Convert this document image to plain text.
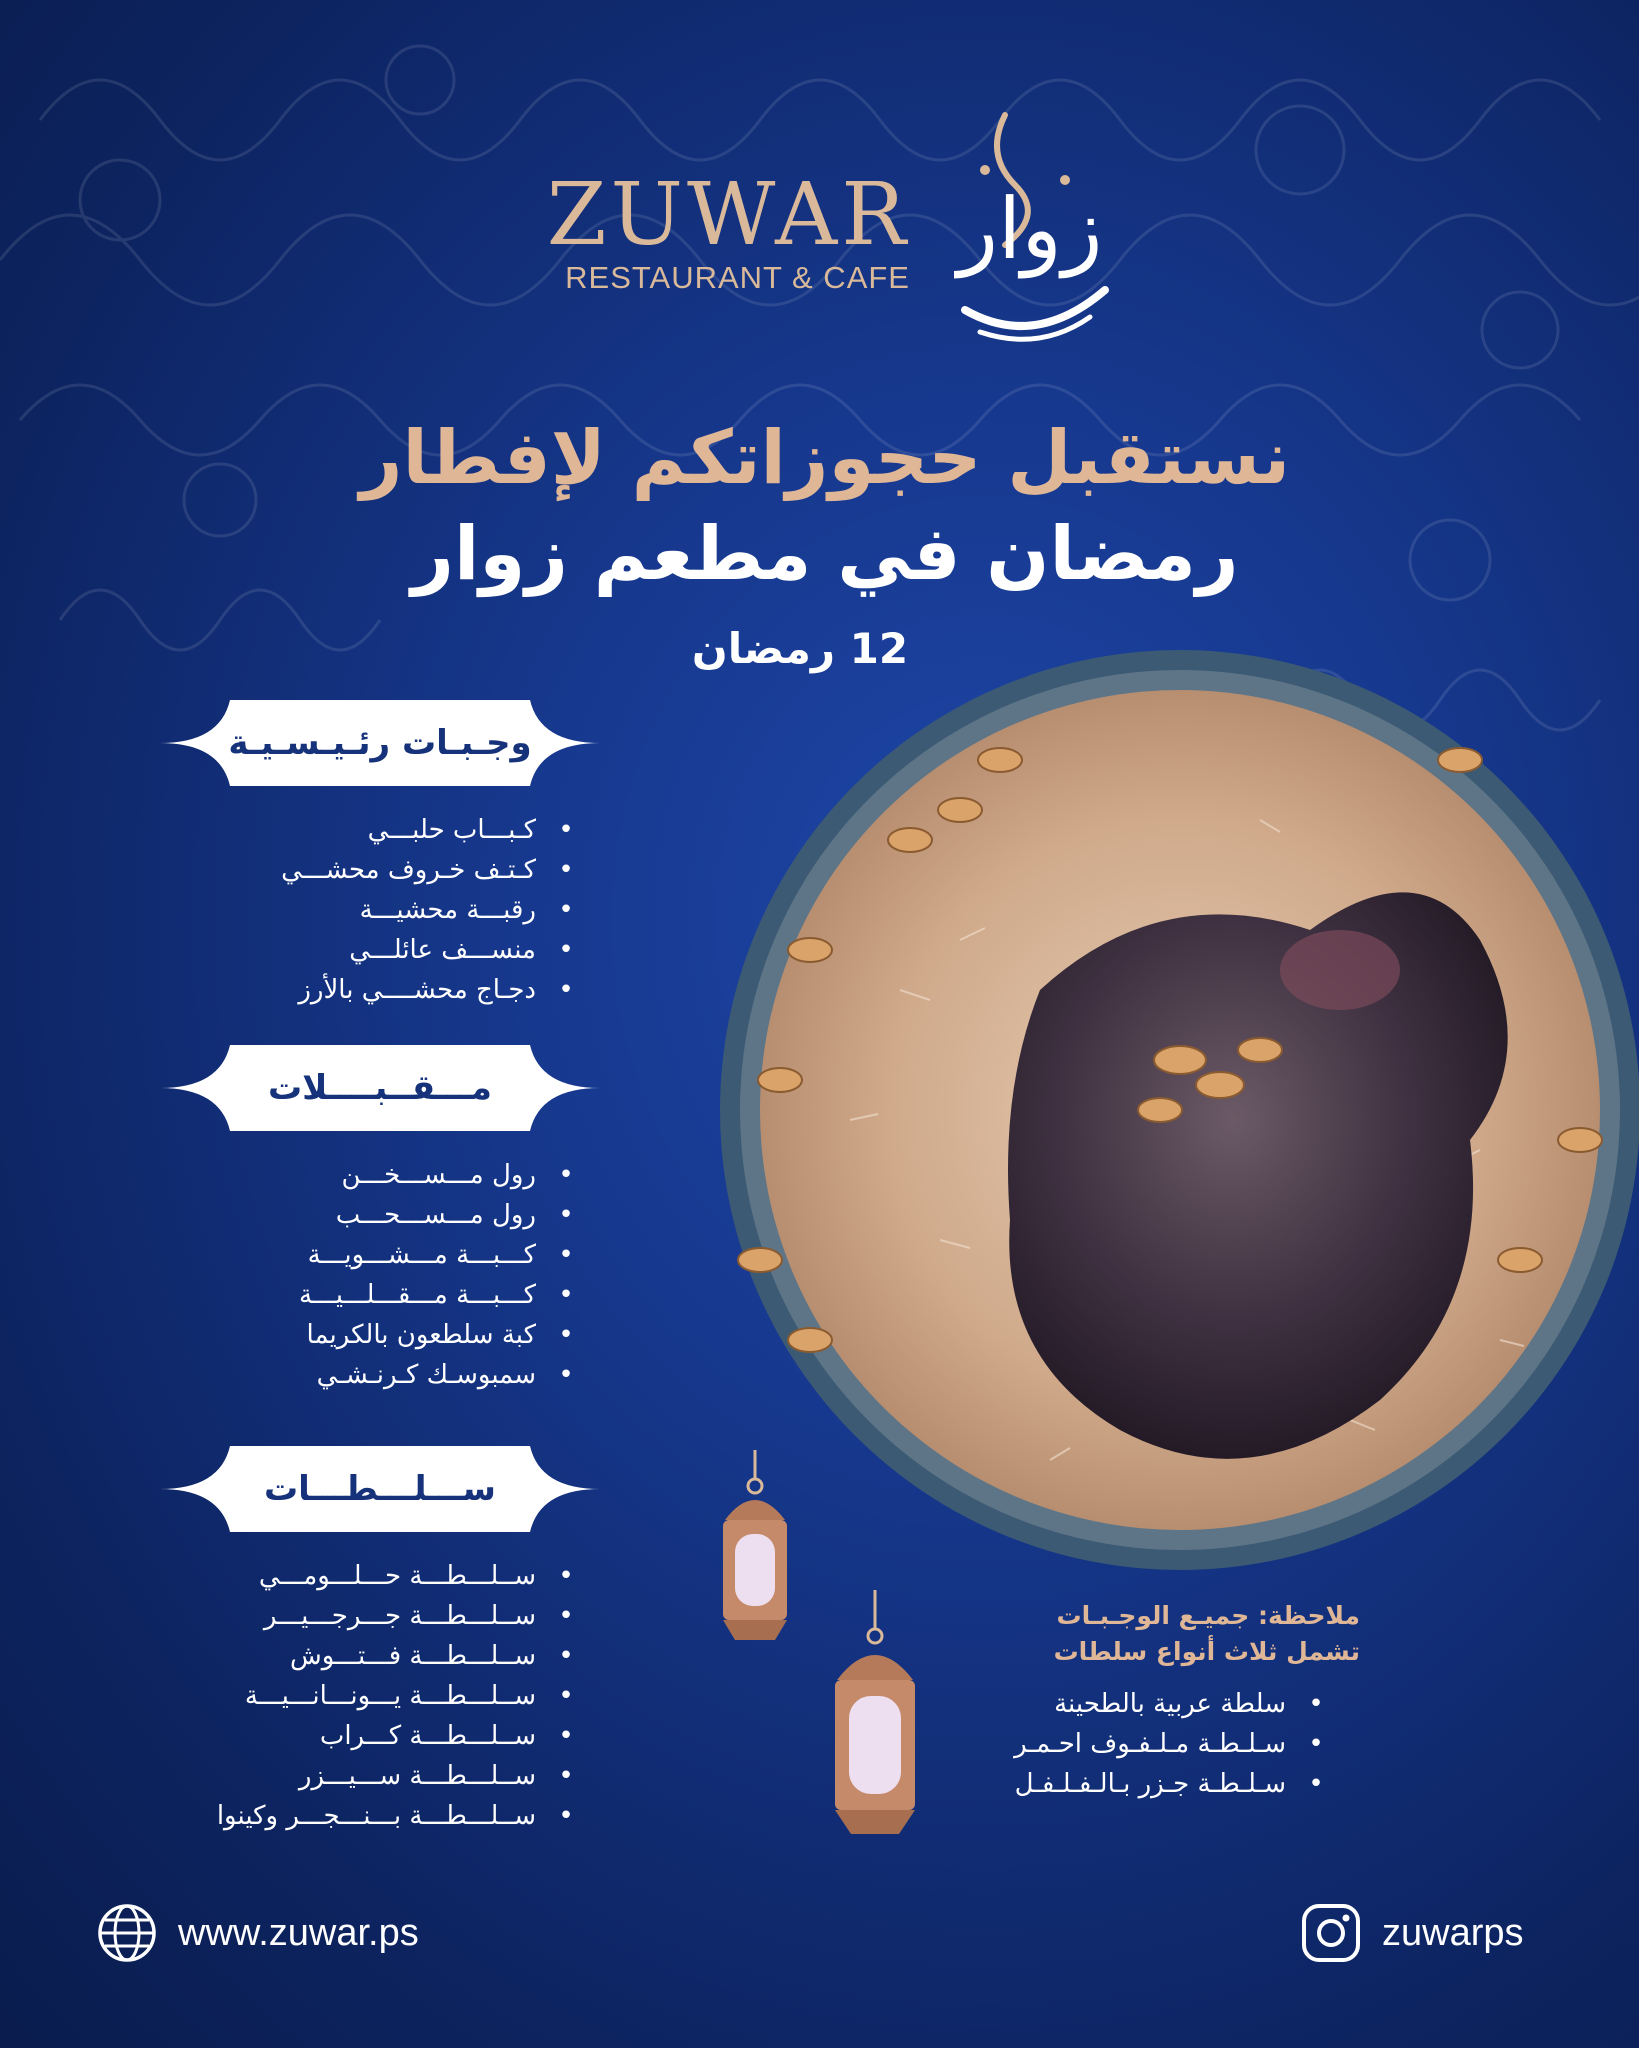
ZUWAR
RESTAURANT & CAFE زوار
نستقبل حجوزاتكم لإفطار
رمضان في مطعم زوار
12 رمضان
وجـبـات رئـيـسـيـة
• كـبـــاب حلبـــي
• كـتـف خـروف محشـــي
• رقبـــة محشيـــة
• منســـف عائلـــي
• دجـاج محشــــي بالأرز
مـــقــبــــلات
• رول مـــســـخـــن
• رول مـــســـحـــب
• كـــبـــة مـــشـــويـــة
• كـــبـــة مـــقـــلـــيـــة
• كبة سلطعون بالكريما
• سمبوسـك كـرنـشـي
ســـلـــطـــات
• ســلـــطـــة حـــلـــومـــي
• ســلـــطـــة جـــرجـــيـــر
• ســلـــطـــة فـــتـــوش
• ســلـــطـــة يـــونـــانـــيـــة
• ســلـــطـــة كـــراب
• ســلـــطـــة ســـيـــزر
• ســلـــطـــة بـــنـــجـــر وكينوا
ملاحظة: جميـع الوجـبـات
تشمل ثلاث أنواع سلطات
• سلطة عربية بالطحينة
• سـلـطـة مـلـفـوف احـمـر
• سـلـطـة جـزر بـالـفـلـفـل
www.zuwar.ps	zuwarps
